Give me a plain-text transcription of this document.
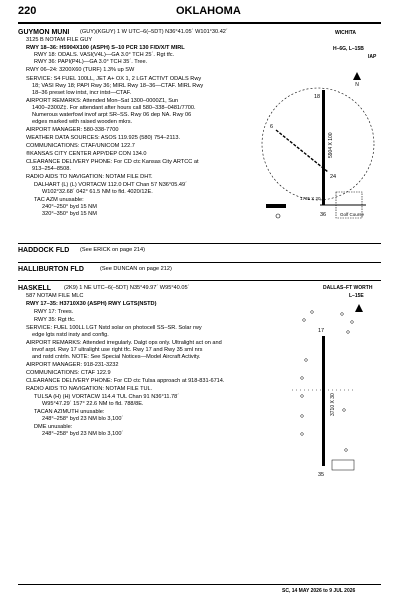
220	OKLAHOMA
GUYMON MUNI	WICHITA
H–6G, L–15B
IAP
(GUY)(KGUY) 1 W UTC–6(–5DT) N36°41.05´ W101°30.42´
3125 B NOTAM FILE GUY
RWY 18–36: H5904X100 (ASPH) S–10 PCR 130 F/D/X/T MIRL
RWY 18: ODALS. VASI(V4L)—GA 3.0° TCH 25´. Rgt tfc.
RWY 36: PAPI(P4L)—GA 3.0° TCH 35´. Tree.
RWY 06–24: 3200X60 (TURF) 1.3% up SW
SERVICE: S4 FUEL 100LL, JET A+ OX 1, 2 LGT ACTIVT ODALS Rwy
18; VASI Rwy 18; PAPI Rwy 36; MIRL Rwy 18–36—CTAF. MIRL Rwy
18–36 preset low intst, incr intst—CTAF.
AIRPORT REMARKS: Attended Mon–Sat 1300–0000Z1, Sun
1400–2300Z‡. For attendant after hours call 580–338–0481/7700.
Numerous waterfowl invof arpt SR–SS. Rwy 06 dep NA. Rwy 06
edges marked with raised wooden mkrs.
AIRPORT MANAGER: 580-338-7700
WEATHER DATA SOURCES: ASOS 119.925 (580) 754–2113.
COMMUNICATIONS: CTAF/UNICOM 122.7
®KANSAS CITY CENTER APP/DEP CON 134.0
CLEARANCE DELIVERY PHONE: For CD ctc Kansas City ARTCC at
913–254–8508.
RADIO AIDS TO NAVIGATION: NOTAM FILE DHT.
DALHART (L) (L) VORTACW 112.0 DHT Chan 57 N36°05.49´
W102°32.68´ 042° 61.5 NM to fld. 4020/12E.
TAC AZM unusable:
240°–250° byd 15 NM
320°–350° byd 15 NM
N
18
36
6
24
5904 X 100
1735 X 20
Golf Course
HADDOCK FLD (See ERICK on page 214)
HALLIBURTON FLD	(See DUNCAN on page 212)
HASKELL	DALLAS–FT WORTH
L–15E
(2K9) 1 NE UTC–6(–5DT) N35°49.97´ W95°40.05´
587 NOTAM FILE MLC
RWY 17–35: H3710X30 (ASPH) RWY LGTS(NSTD)
RWY 17: Trees.
RWY 35: Rgt tfc.
SERVICE: FUEL 100LL LGT Nstd solar on photocell SS–SR. Solar rwy
edge lgts nstd insty and config.
AIRPORT REMARKS: Attended irregularly. Dalgt ops only. Ultralight act on and
invof arpt. Rwy 17 ultralight use right tfc. Rwy 17 and Rwy 35 sml nrs
and nstd cntrln. NOTE: See Special Notices—Model Aircraft Activity.
AIRPORT MANAGER: 918-231-3232
COMMUNICATIONS: CTAF 122.9
CLEARANCE DELIVERY PHONE: For CD ctc Tulsa approach at 918-831-6714.
RADIO AIDS TO NAVIGATION: NOTAM FILE TUL.
TULSA (H) (H) VORTACW 114.4 TUL Chan 91 N36°11.78´
W95°47.29´ 157° 22.6 NM to fld. 788/8E.
TACAN AZIMUTH unusable:
248°–258° byd 23 NM blo 3,100´
DME unusable:
248°–258° byd 23 NM blo 3,100´
17
35
3710 X 30
SC, 14 MAY 2026 to 9 JUL 2026
